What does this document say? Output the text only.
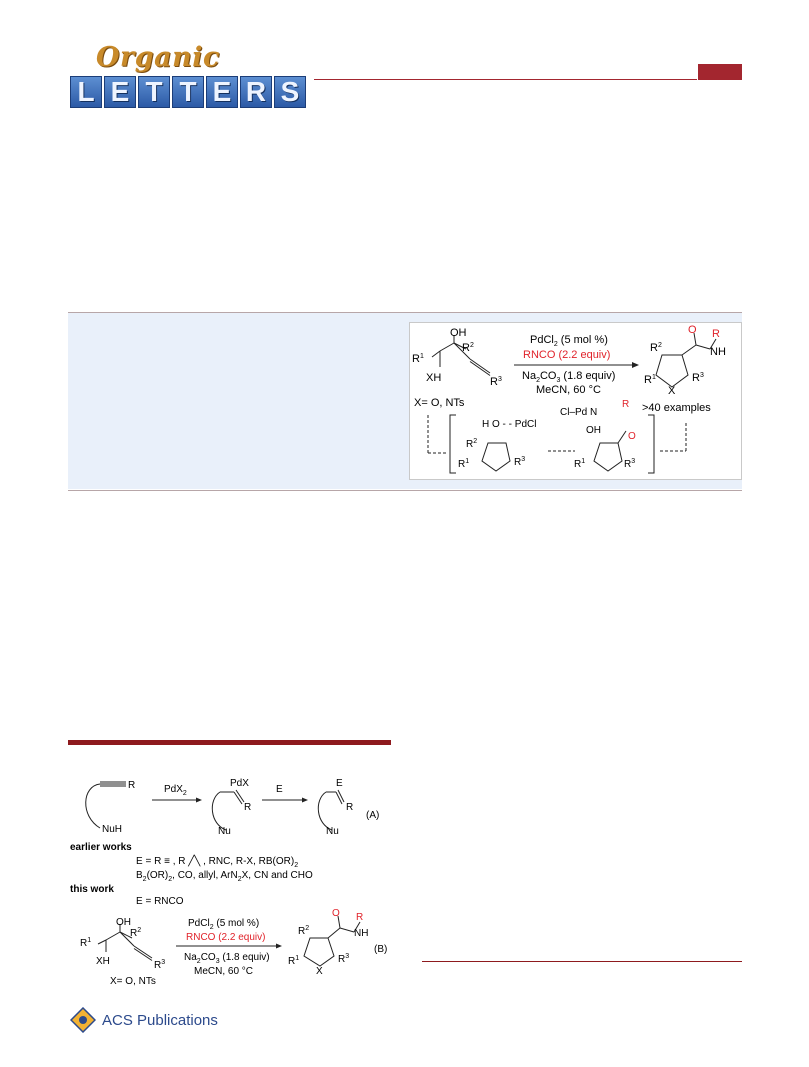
Organic
L E T T E R S
OH
$R^2$
$R^1$
XH	$R^3$
X= O, NTs
PdCl$_2$ (5 mol %)
RNCO (2.2 equiv)
$Na_2CO_3$ (1.8 equiv)
MeCN, 60 °C
O R
NH
$R^2$
$R^1$
X
$R^3$
>40 examples
H O - - PdCl
$R^2$
$R^1$	$R^3$
Cl–Pd N
R
OH
O
$R^1$	$R^3$
R
NuH
PdX$_2$
PdX
R
Nu
E
E
R
Nu
(A)
earlier works
E = R ≡ , R ╱╲ , RNC, R-X, $RB(OR)_2$
$B_2(OR)_2$, CO, allyl, ArN$_2$X, CN and CHO
this work
E = RNCO
OH
$R^2$
$R^1$
XH	$R^3$
X= O, NTs
PdCl$_2$ (5 mol %)
RNCO (2.2 equiv)
$Na_2CO_3$ (1.8 equiv)
MeCN, 60 °C
O R
NH
$R^2$
$R^1$
X
$R^3$
(B)
ACS Publications
